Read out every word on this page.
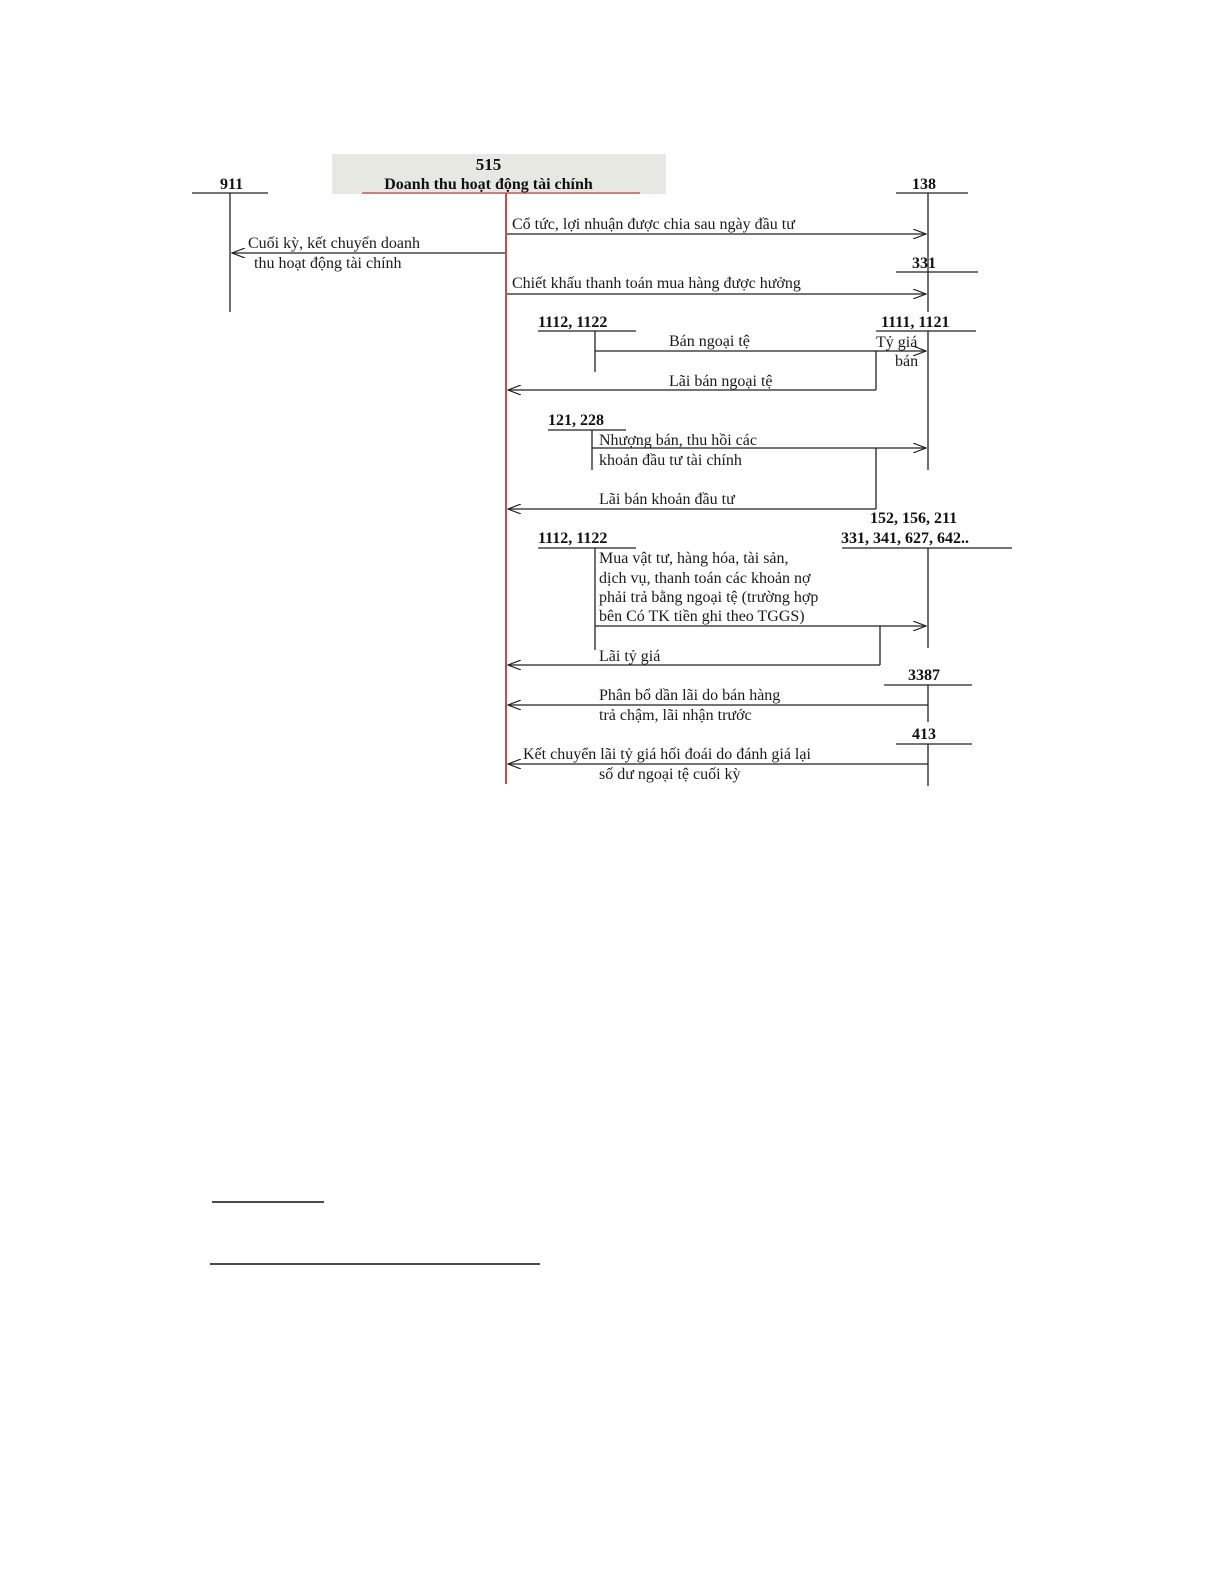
515
Doanh thu hoạt động tài chính
911	138
331
1111, 1121
1112, 1122
121, 228
152, 156, 211
331, 341, 627, 642..
1112, 1122
3387
413
Cổ tức, lợi nhuận được chia sau ngày đầu tư
Cuối kỳ, kết chuyển doanh
thu hoạt động tài chính
Chiết khấu thanh toán mua hàng được hưởng
Bán ngoại tệ	Tỷ giá
bán
Lãi bán ngoại tệ
Nhượng bán, thu hồi các
khoản đầu tư tài chính
Lãi bán khoản đầu tư
Mua vật tư, hàng hóa, tài sản,
dịch vụ, thanh toán các khoản nợ
phải trả bằng ngoại tệ (trường hợp
bên Có TK tiền ghi theo TGGS)
Lãi tỷ giá
Phân bổ dần lãi do bán hàng
trả chậm, lãi nhận trước
Kết chuyển lãi tỷ giá hối đoái do đánh giá lại
số dư ngoại tệ cuối kỳ
